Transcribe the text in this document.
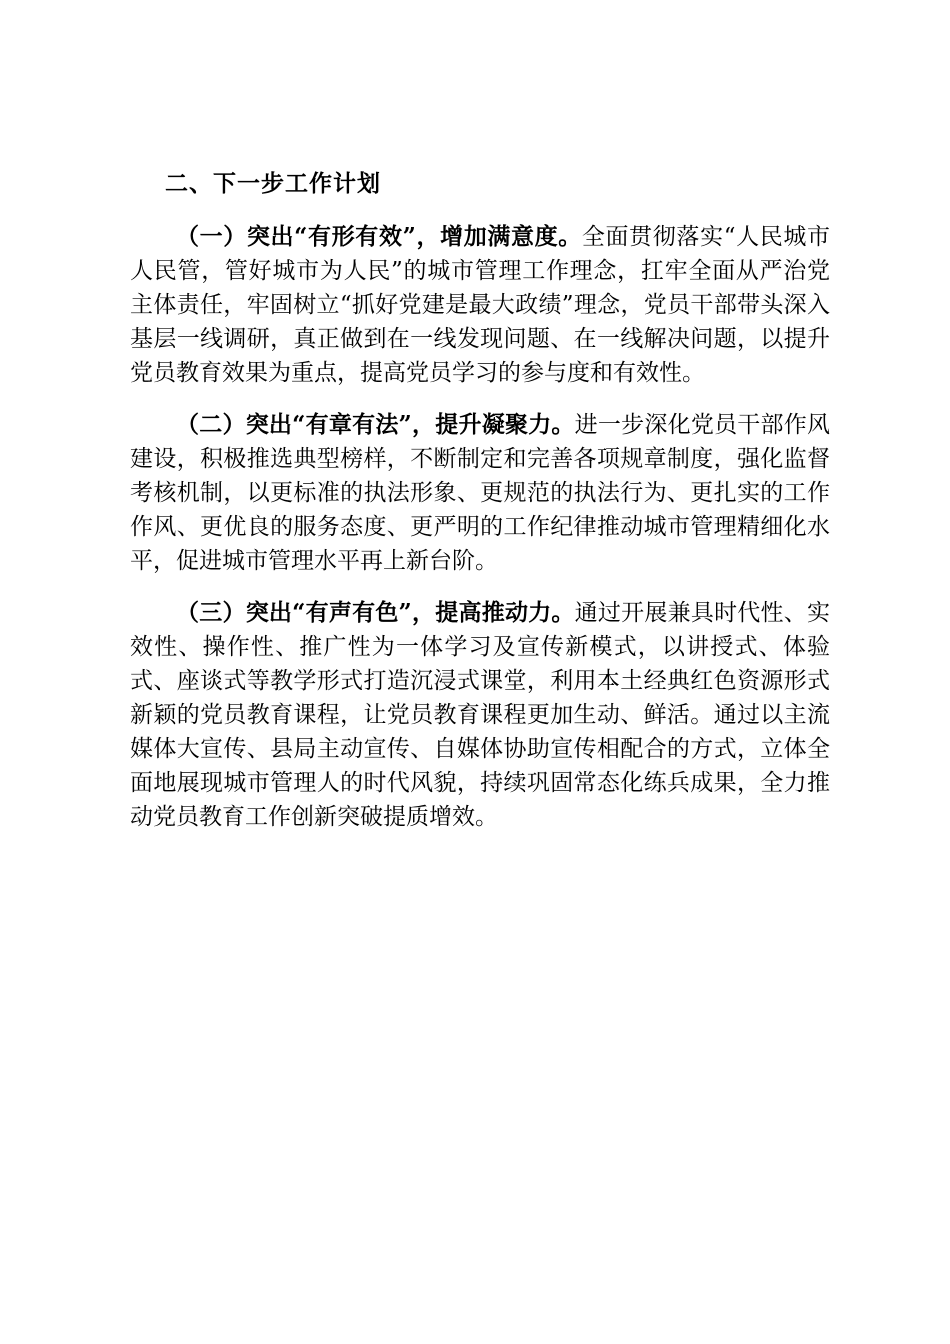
二、下一步工作计划

（一）突出“有形有效”，增加满意度。全面贯彻落实“人民城市人民管，管好城市为人民”的城市管理工作理念，扛牢全面从严治党主体责任，牢固树立“抓好党建是最大政绩”理念，党员干部带头深入基层一线调研，真正做到在一线发现问题、在一线解决问题，以提升党员教育效果为重点，提高党员学习的参与度和有效性。

（二）突出“有章有法”，提升凝聚力。进一步深化党员干部作风建设，积极推选典型榜样，不断制定和完善各项规章制度，强化监督考核机制，以更标准的执法形象、更规范的执法行为、更扎实的工作作风、更优良的服务态度、更严明的工作纪律推动城市管理精细化水平，促进城市管理水平再上新台阶。

（三）突出“有声有色”，提高推动力。通过开展兼具时代性、实效性、操作性、推广性为一体学习及宣传新模式，以讲授式、体验式、座谈式等教学形式打造沉浸式课堂，利用本土经典红色资源形式新颖的党员教育课程，让党员教育课程更加生动、鲜活。通过以主流媒体大宣传、县局主动宣传、自媒体协助宣传相配合的方式，立体全面地展现城市管理人的时代风貌，持续巩固常态化练兵成果，全力推动党员教育工作创新突破提质增效。
